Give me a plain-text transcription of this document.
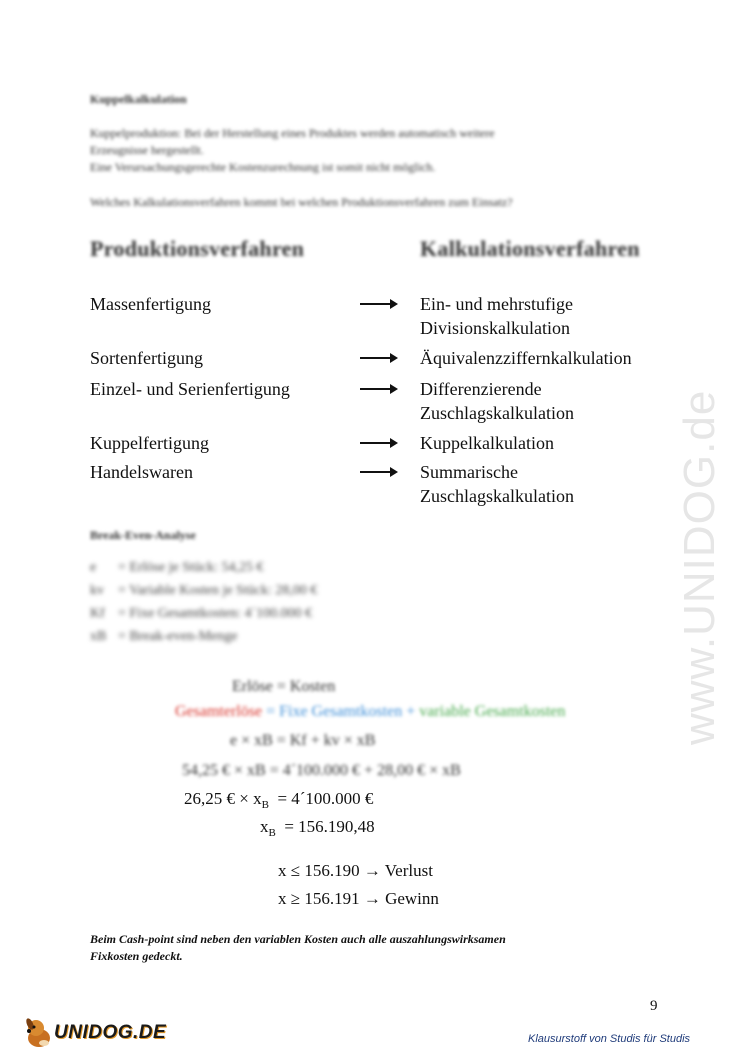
www.UNIDOG.de
Kuppelkalkulation
Kuppelproduktion: Bei der Herstellung eines Produktes werden automatisch weitere
Erzeugnisse hergestellt.
Eine Verursachungsgerechte Kostenzurechnung ist somit nicht möglich.
Welches Kalkulationsverfahren kommt bei welchen Produktionsverfahren zum Einsatz?
Produktionsverfahren	Kalkulationsverfahren
Massenfertigung	Ein- und mehrstufige
Divisionskalkulation
Sortenfertigung	Äquivalenzziffernkalkulation
Einzel- und Serienfertigung	Differenzierende
Zuschlagskalkulation
Kuppelfertigung	Kuppelkalkulation
Handelswaren	Summarische
Zuschlagskalkulation
Break-Even-Analyse
e = Erlöse je Stück: 54,25 €
kv = Variable Kosten je Stück: 28,00 €
Kf = Fixe Gesamtkosten: 4´100.000 €
xB = Break-even-Menge
Erlöse = Kosten
Gesamterlöse = Fixe Gesamtkosten + variable Gesamtkosten
e × xB = Kf + kv × xB
54,25 € × xB = 4´100.000 € + 28,00 € × xB
26,25 € × $x_B$ = 4´100.000 €
$x_B = 156.190,48$
x ≤ 156.190 → Verlust
x ≥ 156.191 → Gewinn
Beim Cash-point sind neben den variablen Kosten auch alle auszahlungswirksamen
Fixkosten gedeckt.
9
UNIDOG.DE	Klausurstoff von Studis für Studis
